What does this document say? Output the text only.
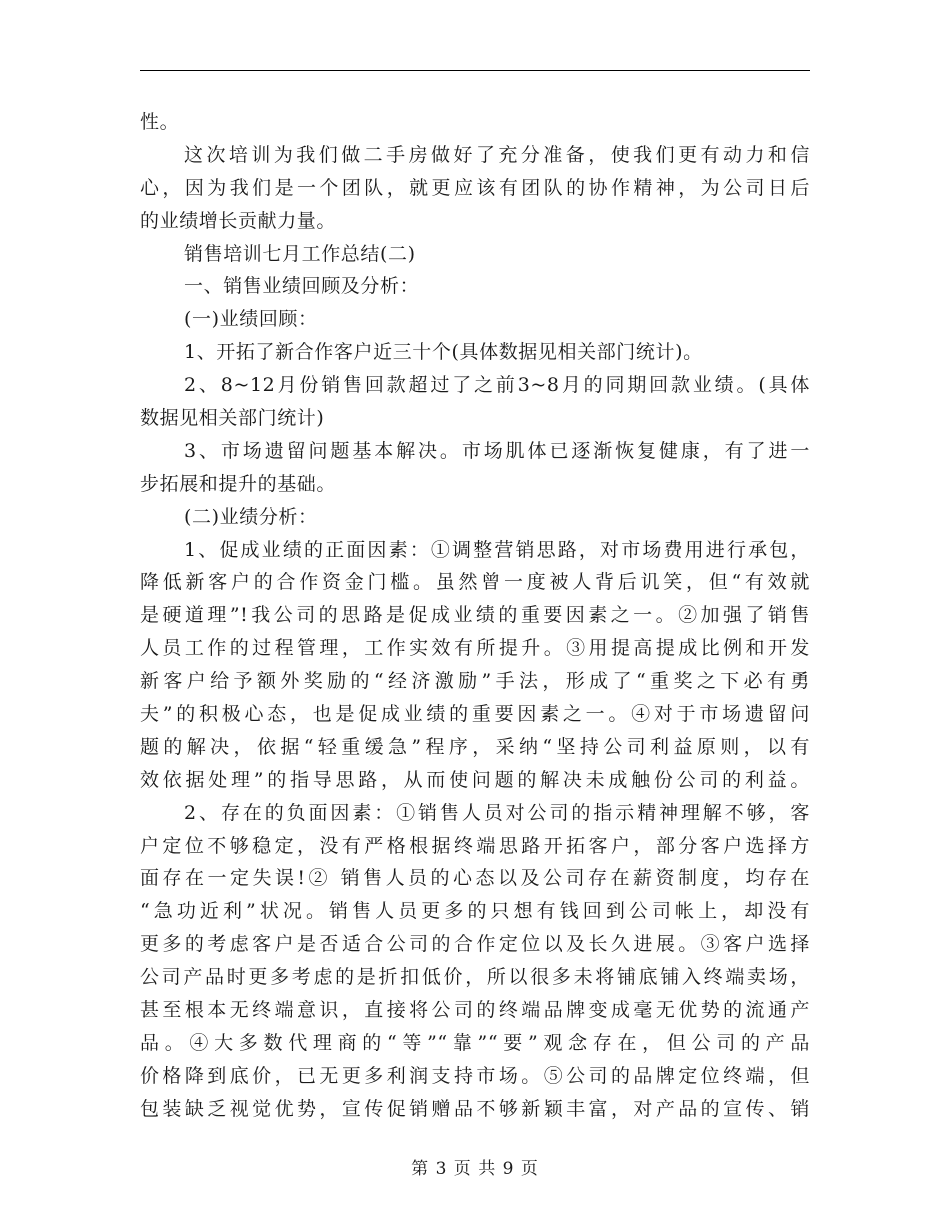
性。
这次培训为我们做二手房做好了充分准备，使我们更有动力和信
心，因为我们是一个团队，就更应该有团队的协作精神，为公司日后
的业绩增长贡献力量。
销售培训七月工作总结(二)
一、销售业绩回顾及分析：
(一)业绩回顾：
1、开拓了新合作客户近三十个(具体数据见相关部门统计)。
2、8~12月份销售回款超过了之前3~8月的同期回款业绩。(具体
数据见相关部门统计)
3、市场遗留问题基本解决。市场肌体已逐渐恢复健康，有了进一
步拓展和提升的基础。
(二)业绩分析：
1、促成业绩的正面因素：①调整营销思路，对市场费用进行承包，
降低新客户的合作资金门槛。虽然曾一度被人背后讥笑，但“有效就
是硬道理”!我公司的思路是促成业绩的重要因素之一。②加强了销售
人员工作的过程管理，工作实效有所提升。③用提高提成比例和开发
新客户给予额外奖励的“经济激励”手法，形成了“重奖之下必有勇
夫”的积极心态，也是促成业绩的重要因素之一。④对于市场遗留问
题的解决，依据“轻重缓急”程序，采纳“坚持公司利益原则，以有
效依据处理”的指导思路，从而使问题的解决未成触份公司的利益。
2、存在的负面因素：①销售人员对公司的指示精神理解不够，客
户定位不够稳定，没有严格根据终端思路开拓客户，部分客户选择方
面存在一定失误!② 销售人员的心态以及公司存在薪资制度，均存在
“急功近利”状况。销售人员更多的只想有钱回到公司帐上，却没有
更多的考虑客户是否适合公司的合作定位以及长久进展。③客户选择
公司产品时更多考虑的是折扣低价，所以很多未将铺底铺入终端卖场，
甚至根本无终端意识，直接将公司的终端品牌变成毫无优势的流通产
品。④大多数代理商的“等”“靠”“要”观念存在，但公司的产品
价格降到底价，已无更多利润支持市场。⑤公司的品牌定位终端，但
包装缺乏视觉优势，宣传促销赠品不够新颖丰富，对产品的宣传、销
第 3 页 共 9 页
